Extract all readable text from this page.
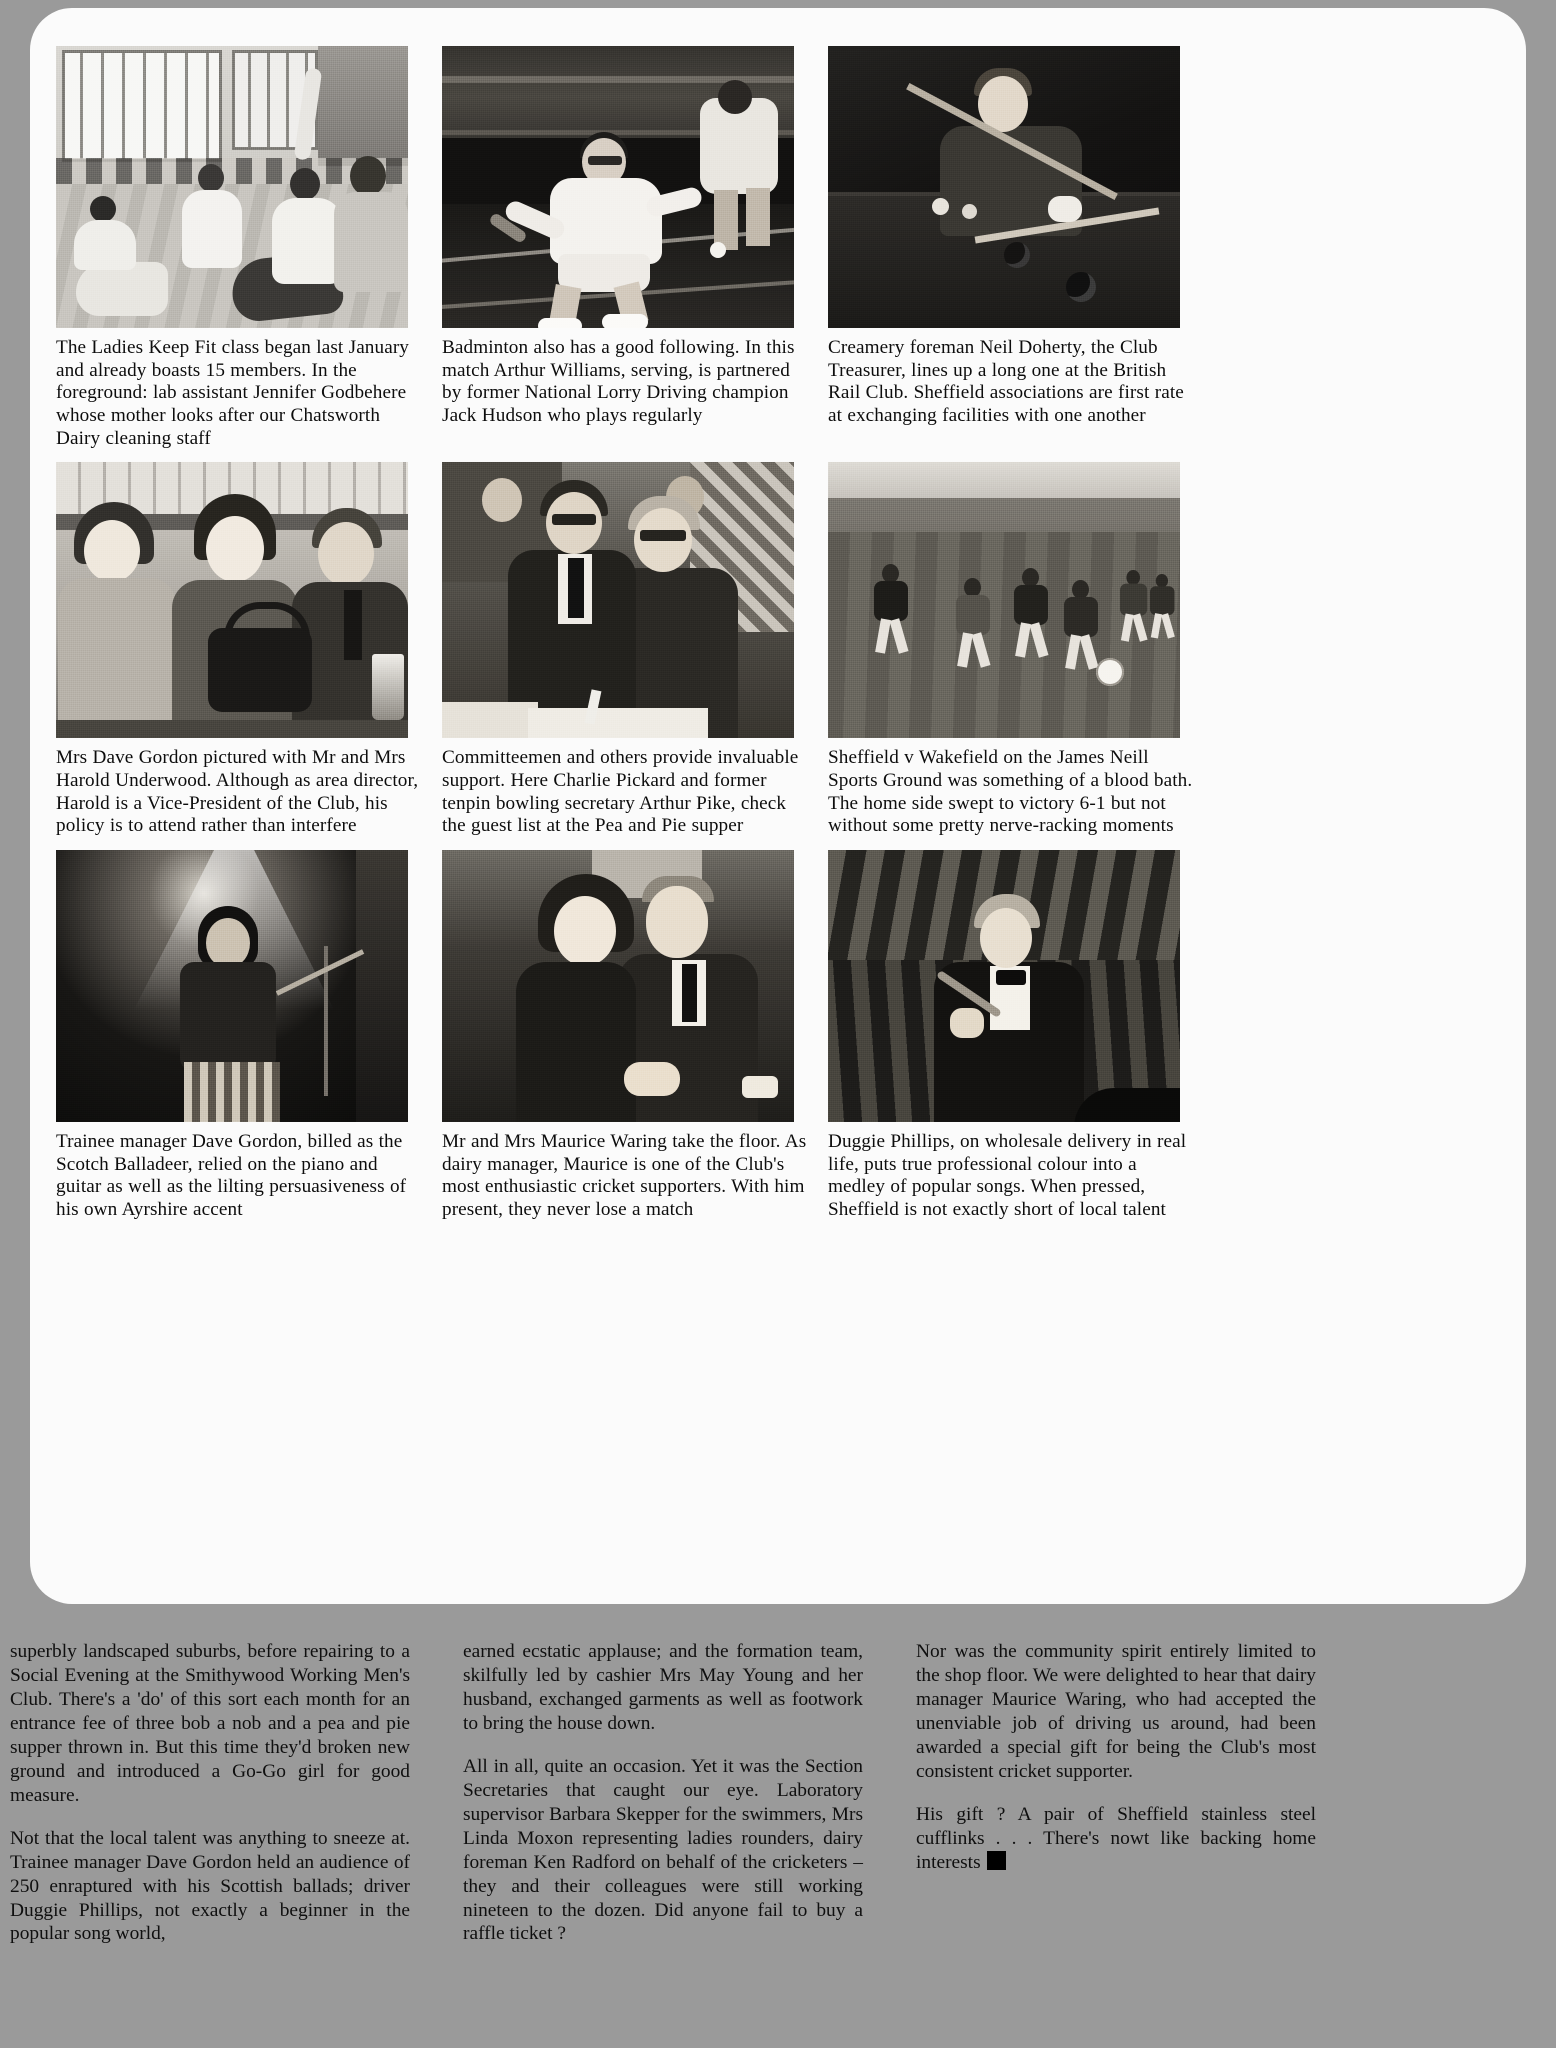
The Ladies Keep Fit class began last January and already boasts 15 members. In the foreground: lab assistant Jennifer Godbehere whose mother looks after our Chatsworth Dairy cleaning staff
Badminton also has a good following. In this match Arthur Williams, serving, is partnered by former National Lorry Driving champion Jack Hudson who plays regularly
Creamery foreman Neil Doherty, the Club Treasurer, lines up a long one at the British Rail Club. Sheffield associations are first rate at exchanging facilities with one another
Mrs Dave Gordon pictured with Mr and Mrs Harold Underwood. Although as area director, Harold is a Vice-President of the Club, his policy is to attend rather than interfere
Committeemen and others provide invaluable support. Here Charlie Pickard and former tenpin bowling secretary Arthur Pike, check the guest list at the Pea and Pie supper
Sheffield v Wakefield on the James Neill Sports Ground was something of a blood bath. The home side swept to victory 6-1 but not without some pretty nerve-racking moments
Trainee manager Dave Gordon, billed as the Scotch Balladeer, relied on the piano and guitar as well as the lilting persuasiveness of his own Ayrshire accent
Mr and Mrs Maurice Waring take the floor. As dairy manager, Maurice is one of the Club's most enthusiastic cricket supporters. With him present, they never lose a match
Duggie Phillips, on wholesale delivery in real life, puts true professional colour into a medley of popular songs. When pressed, Sheffield is not exactly short of local talent

superbly landscaped suburbs, before repairing to a Social Evening at the Smithywood Working Men's Club. There's a 'do' of this sort each month for an entrance fee of three bob a nob and a pea and pie supper thrown in. But this time they'd broken new ground and introduced a Go-Go girl for good measure.

Not that the local talent was anything to sneeze at. Trainee manager Dave Gordon held an audience of 250 enraptured with his Scottish ballads; driver Duggie Phillips, not exactly a beginner in the popular song world,

earned ecstatic applause; and the formation team, skilfully led by cashier Mrs May Young and her husband, exchanged garments as well as footwork to bring the house down.

All in all, quite an occasion. Yet it was the Section Secretaries that caught our eye. Laboratory supervisor Barbara Skepper for the swimmers, Mrs Linda Moxon representing ladies rounders, dairy foreman Ken Radford on behalf of the cricketers – they and their colleagues were still working nineteen to the dozen. Did anyone fail to buy a raffle ticket ?

Nor was the community spirit entirely limited to the shop floor. We were delighted to hear that dairy manager Maurice Waring, who had accepted the unenviable job of driving us around, had been awarded a special gift for being the Club's most consistent cricket supporter.

His gift ? A pair of Sheffield stainless steel cufflinks . . . There's nowt like backing home interests
